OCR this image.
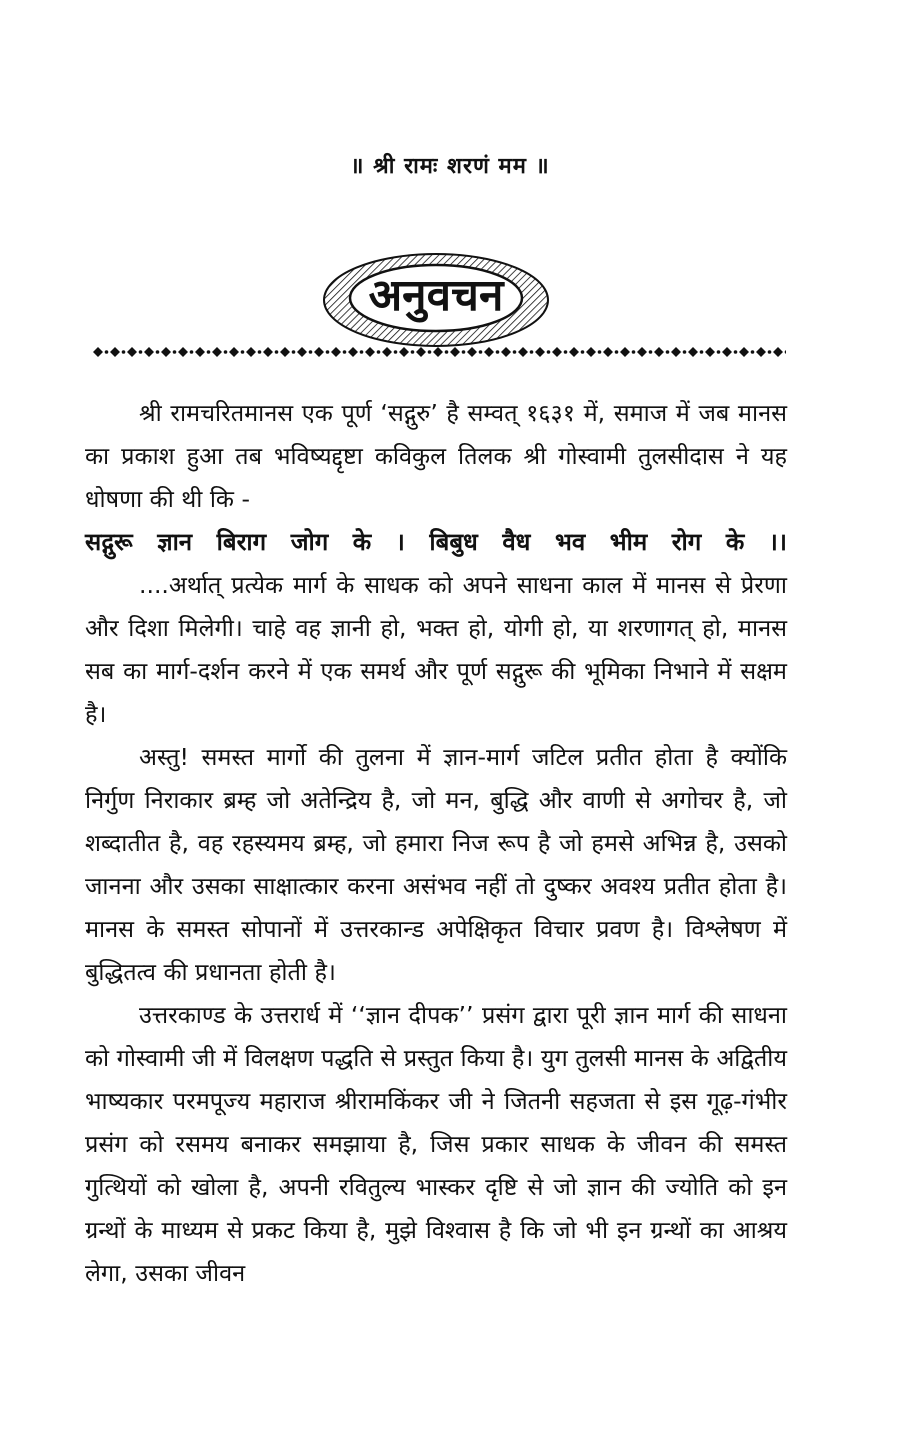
॥ श्री रामः शरणं मम ॥
अनुवचन

श्री रामचरितमानस एक पूर्ण ‘सद्गुरु’ है सम्वत् १६३१ में, समाज में जब मानस का प्रकाश हुआ तब भविष्यद्दृष्टा कविकुल तिलक श्री गोस्वामी तुलसीदास ने यह धोषणा की थी कि -

सद्गुरू ज्ञान बिराग जोग के । बिबुध वैध भव भीम रोग के ।।

....अर्थात् प्रत्येक मार्ग के साधक को अपने साधना काल में मानस से प्रेरणा और दिशा मिलेगी। चाहे वह ज्ञानी हो, भक्त हो, योगी हो, या शरणागत् हो, मानस सब का मार्ग-दर्शन करने में एक समर्थ और पूर्ण सद्गुरू की भूमिका निभाने में सक्षम है।

अस्तु! समस्त मार्गो की तुलना में ज्ञान-मार्ग जटिल प्रतीत होता है क्योंकि निर्गुण निराकार ब्रम्ह जो अतेन्द्रिय है, जो मन, बुद्धि और वाणी से अगोचर है, जो शब्दातीत है, वह रहस्यमय ब्रम्ह, जो हमारा निज रूप है जो हमसे अभिन्न है, उसको जानना और उसका साक्षात्कार करना असंभव नहीं तो दुष्कर अवश्य प्रतीत होता है।मानस के समस्त सोपानों में उत्तरकान्ड अपेक्षिकृत विचार प्रवण है। विश्लेषण में बुद्धितत्व की प्रधानता होती है।

उत्तरकाण्ड के उत्तरार्ध में ‘‘ज्ञान दीपक’’ प्रसंग द्वारा पूरी ज्ञान मार्ग की साधना को गोस्वामी जी में विलक्षण पद्धति से प्रस्तुत किया है। युग तुलसी मानस के अद्वितीय भाष्यकार परमपूज्य महाराज श्रीरामकिंकर जी ने जितनी सहजता से इस गूढ़-गंभीर प्रसंग को रसमय बनाकर समझाया है, जिस प्रकार साधक के जीवन की समस्त गुत्थियों को खोला है, अपनी रवितुल्य भास्कर दृष्टि से जो ज्ञान की ज्योति को इन ग्रन्थों के माध्यम से प्रकट किया है, मुझे विश्वास है कि जो भी इन ग्रन्थों का आश्रय लेगा, उसका जीवन
